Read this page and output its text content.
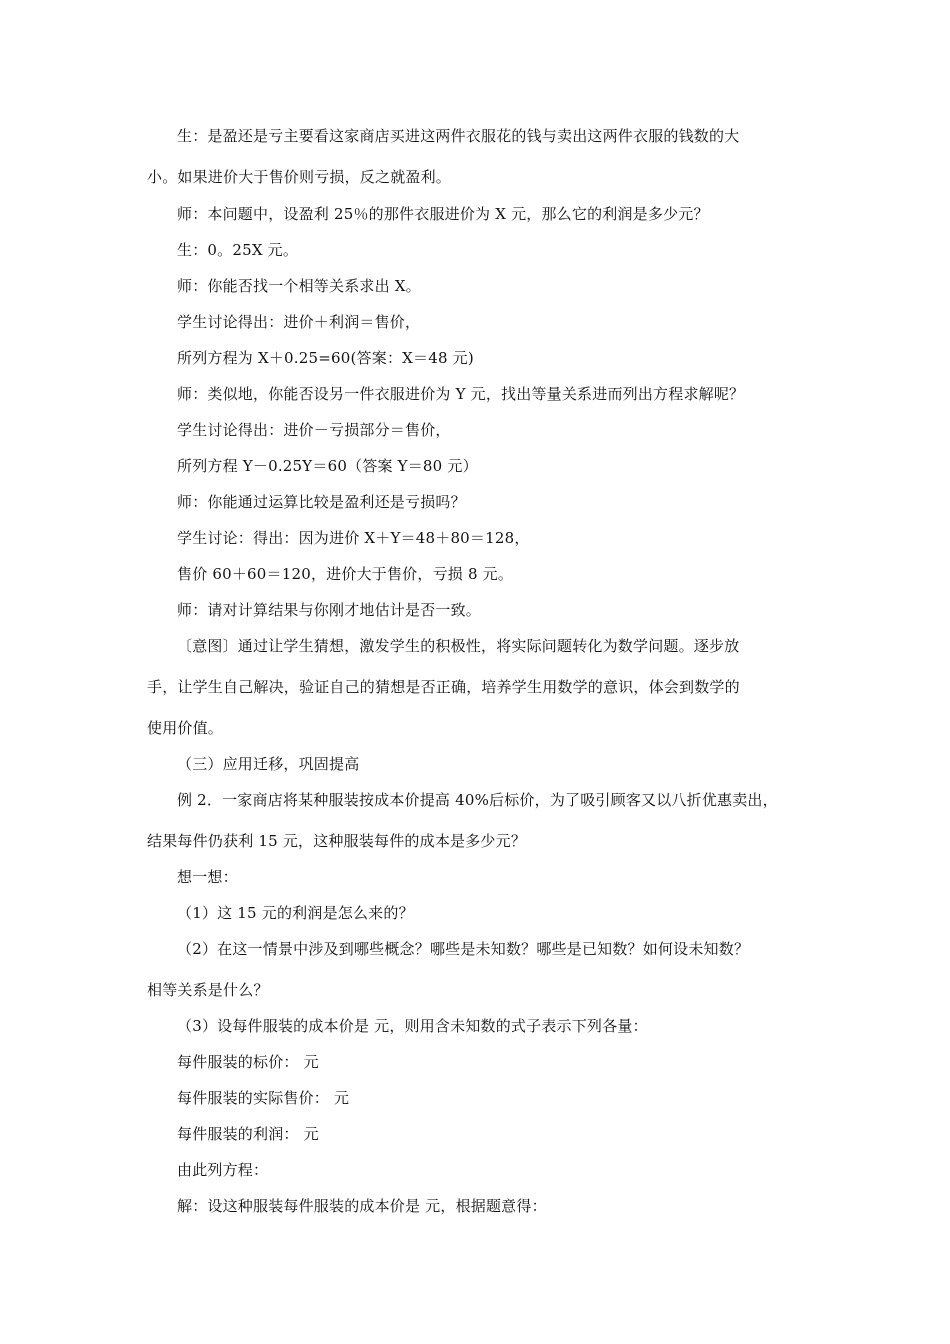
生：是盈还是亏主要看这家商店买进这两件衣服花的钱与卖出这两件衣服的钱数的大
小。如果进价大于售价则亏损，反之就盈利。
师：本问题中，设盈利 25％的那件衣服进价为 X 元，那么它的利润是多少元？
生：0。25X 元。
师：你能否找一个相等关系求出 X。
学生讨论得出：进价＋利润＝售价，
所列方程为 X＋0.25=60(答案：X＝48 元)
师：类似地，你能否设另一件衣服进价为 Y 元，找出等量关系进而列出方程求解呢？
学生讨论得出：进价－亏损部分＝售价，
所列方程 Y－0.25Y＝60（答案 Y＝80 元）
师：你能通过运算比较是盈利还是亏损吗？
学生讨论：得出：因为进价 X＋Y＝48＋80＝128，
售价 60＋60＝120，进价大于售价，亏损 8 元。
师：请对计算结果与你刚才地估计是否一致。
〔意图〕通过让学生猜想，激发学生的积极性，将实际问题转化为数学问题。逐步放
手，让学生自己解决，验证自己的猜想是否正确，培养学生用数学的意识，体会到数学的
使用价值。
（三）应用迁移，巩固提高
例 2．一家商店将某种服装按成本价提高 40%后标价，为了吸引顾客又以八折优惠卖出，
结果每件仍获利 15 元，这种服装每件的成本是多少元？
想一想：
（1）这 15 元的利润是怎么来的？
（2）在这一情景中涉及到哪些概念？哪些是未知数？哪些是已知数？如何设未知数？
相等关系是什么？
（3）设每件服装的成本价是 元，则用含未知数的式子表示下列各量：
每件服装的标价： 元
每件服装的实际售价： 元
每件服装的利润： 元
由此列方程：
解：设这种服装每件服装的成本价是 元，根据题意得：
